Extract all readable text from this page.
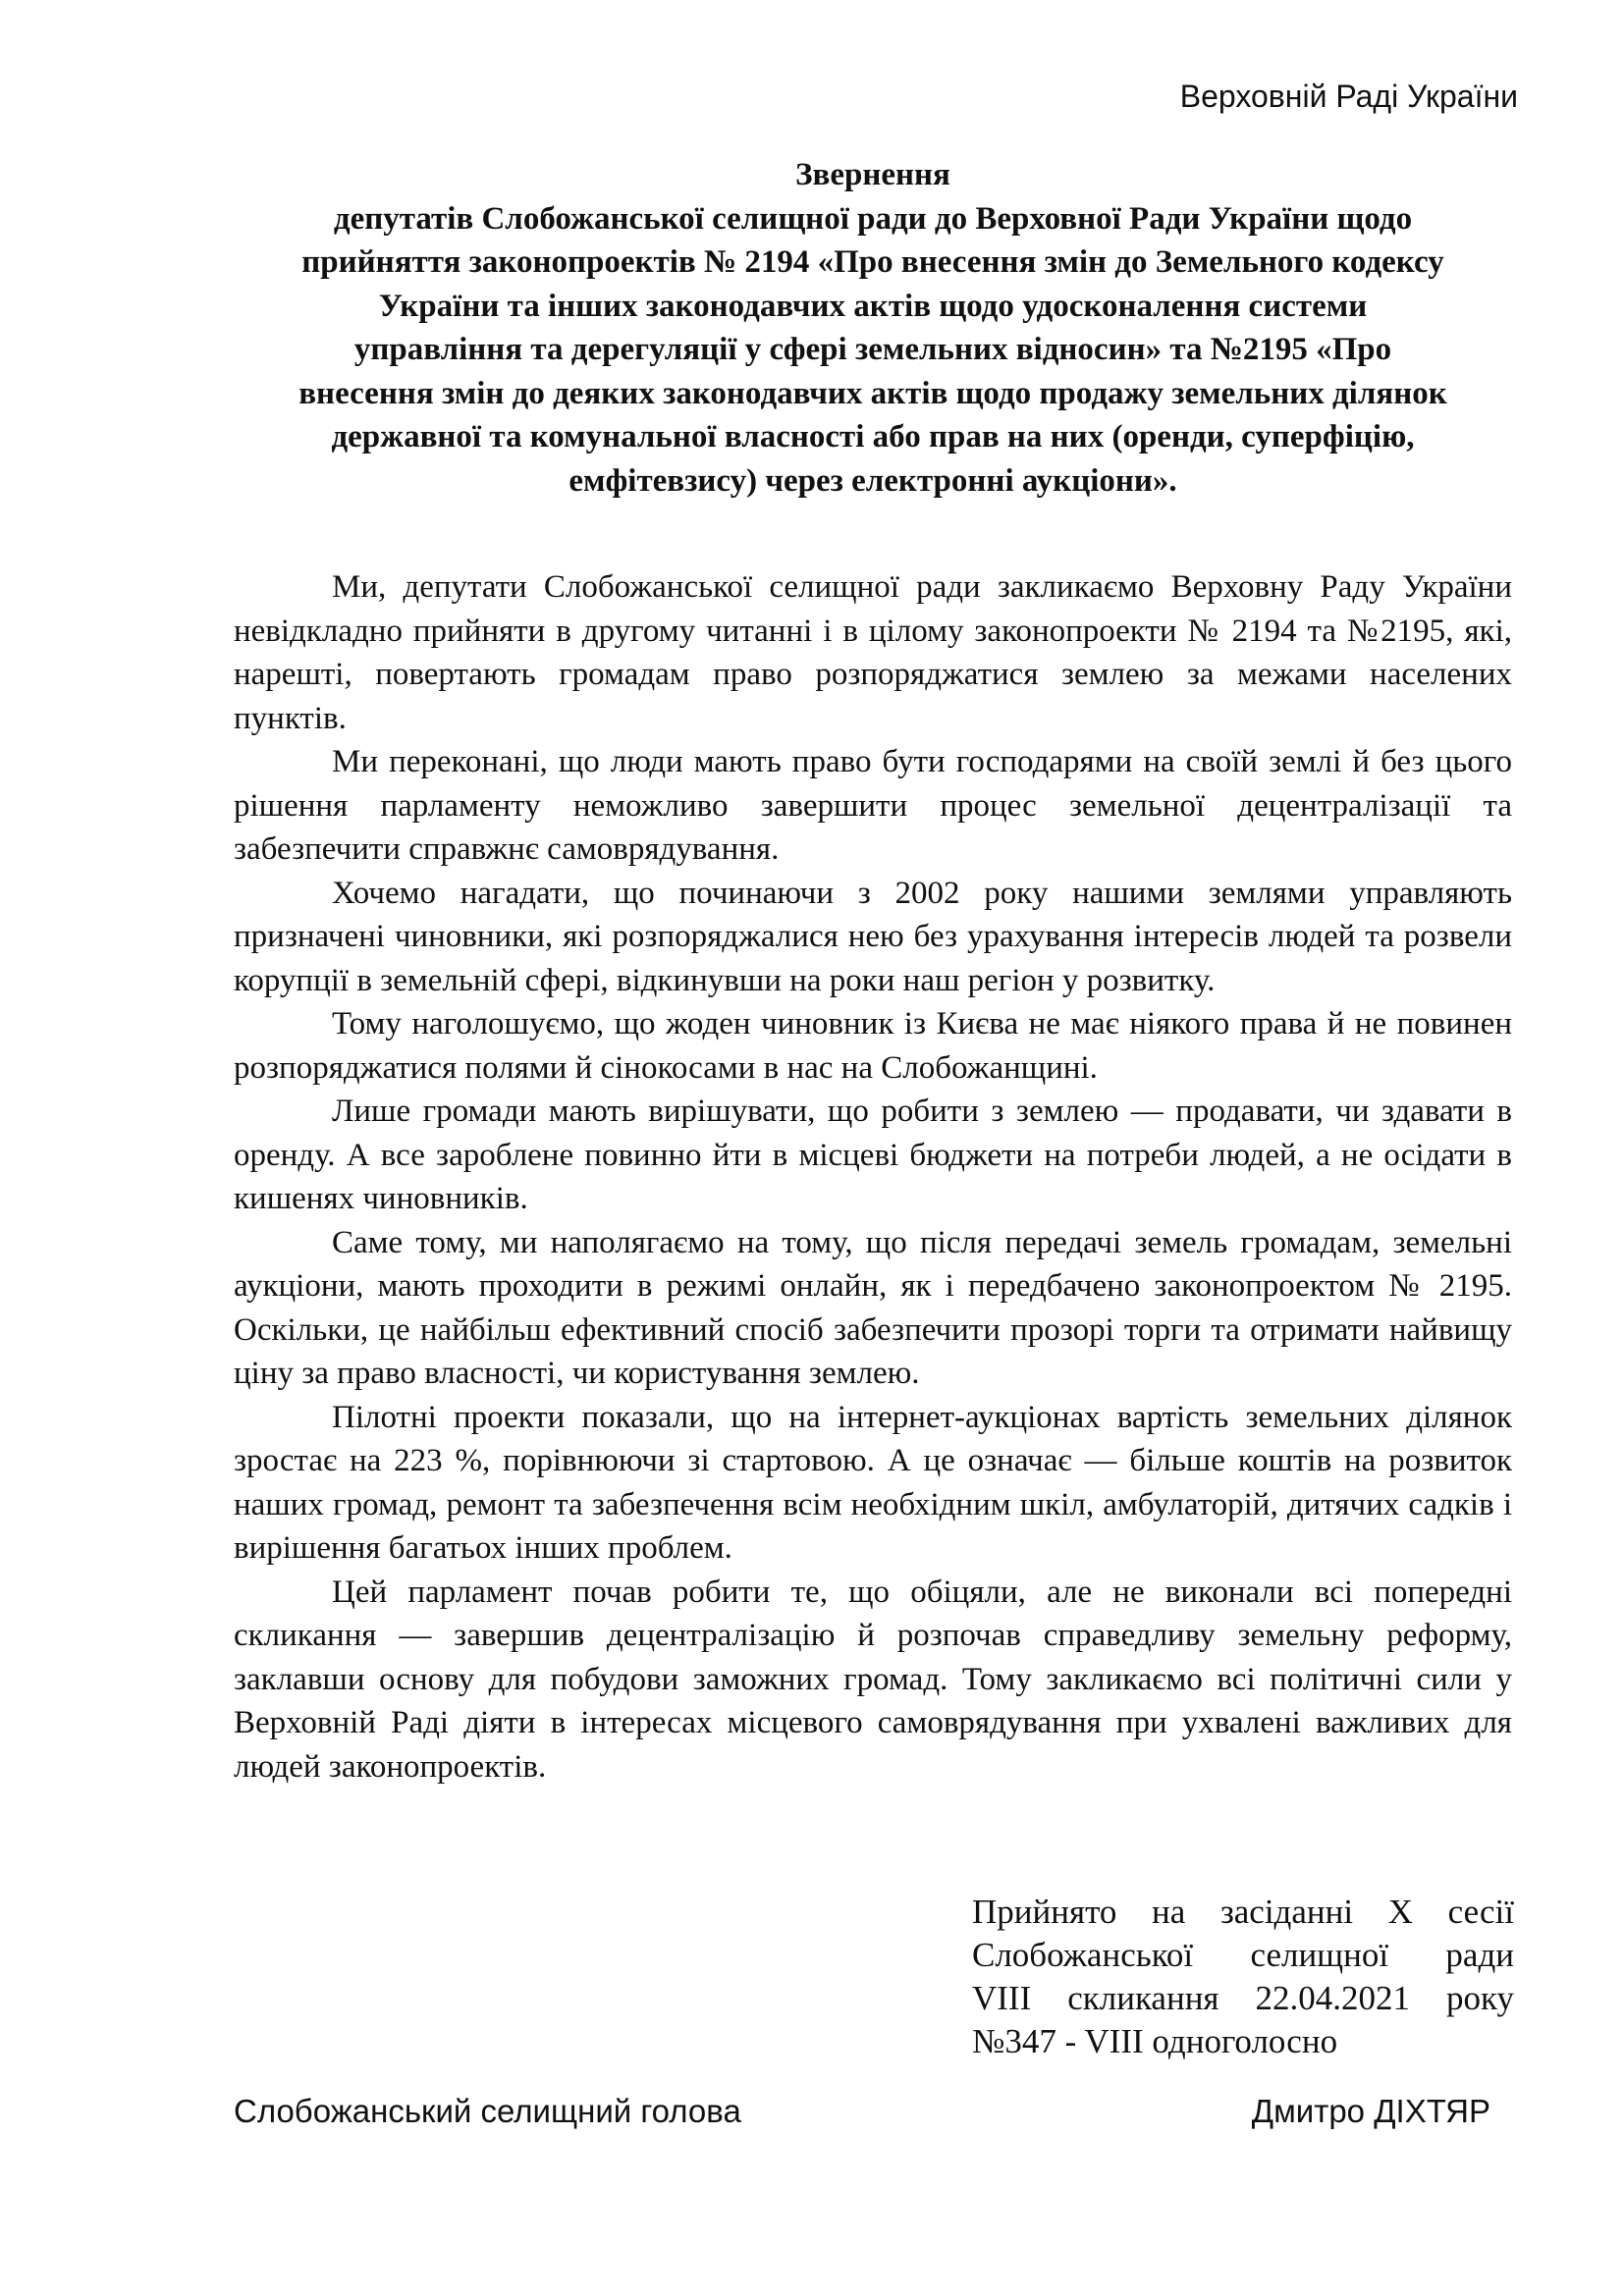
Верховній Раді України
Звернення
депутатів Слобожанської селищної ради до Верховної Ради України щодо
прийняття законопроектів № 2194 «Про внесення змін до Земельного кодексу
України та інших законодавчих актів щодо удосконалення системи
управління та дерегуляції у сфері земельних відносин» та №2195 «Про
внесення змін до деяких законодавчих актів щодо продажу земельних ділянок
державної та комунальної власності або прав на них (оренди, суперфіцію,
емфітевзису) через електронні аукціони».

Ми, депутати Слобожанської селищної ради закликаємо Верховну Раду України невідкладно прийняти в другому читанні і в цілому законопроекти № 2194 та №2195, які, нарешті, повертають громадам право розпоряджатися землею за межами населених пунктів.

Ми переконані, що люди мають право бути господарями на своїй землі й без цього рішення парламенту неможливо завершити процес земельної децентралізації та забезпечити справжнє самоврядування.

Хочемо нагадати, що починаючи з 2002 року нашими землями управляють призначені чиновники, які розпоряджалися нею без урахування інтересів людей та розвели корупції в земельній сфері, відкинувши на роки наш регіон у розвитку.

Тому наголошуємо, що жоден чиновник із Києва не має ніякого права й не повинен розпоряджатися полями й сінокосами в нас на Слобожанщині.

Лише громади мають вирішувати, що робити з землею — продавати, чи здавати в оренду. А все зароблене повинно йти в місцеві бюджети на потреби людей, а не осідати в кишенях чиновників.

Саме тому, ми наполягаємо на тому, що після передачі земель громадам, земельні аукціони, мають проходити в режимі онлайн, як і передбачено законопроектом № 2195. Оскільки, це найбільш ефективний спосіб забезпечити прозорі торги та отримати найвищу ціну за право власності, чи користування землею.

Пілотні проекти показали, що на інтернет-аукціонах вартість земельних ділянок зростає на 223 %, порівнюючи зі стартовою. А це означає — більше коштів на розвиток наших громад, ремонт та забезпечення всім необхідним шкіл, амбулаторій, дитячих садків і вирішення багатьох інших проблем.

Цей парламент почав робити те, що обіцяли, але не виконали всі попередні скликання — завершив децентралізацію й розпочав справедливу земельну реформу, заклавши основу для побудови заможних громад. Тому закликаємо всі політичні сили у Верховній Раді діяти в інтересах місцевого самоврядування при ухвалені важливих для людей законопроектів.

Прийнято на засіданні X сесії
Слобожанської селищної ради
VIII скликання 22.04.2021 року
№347 - VIII одноголосно
Слобожанський селищний голова	Дмитро ДІХТЯР
